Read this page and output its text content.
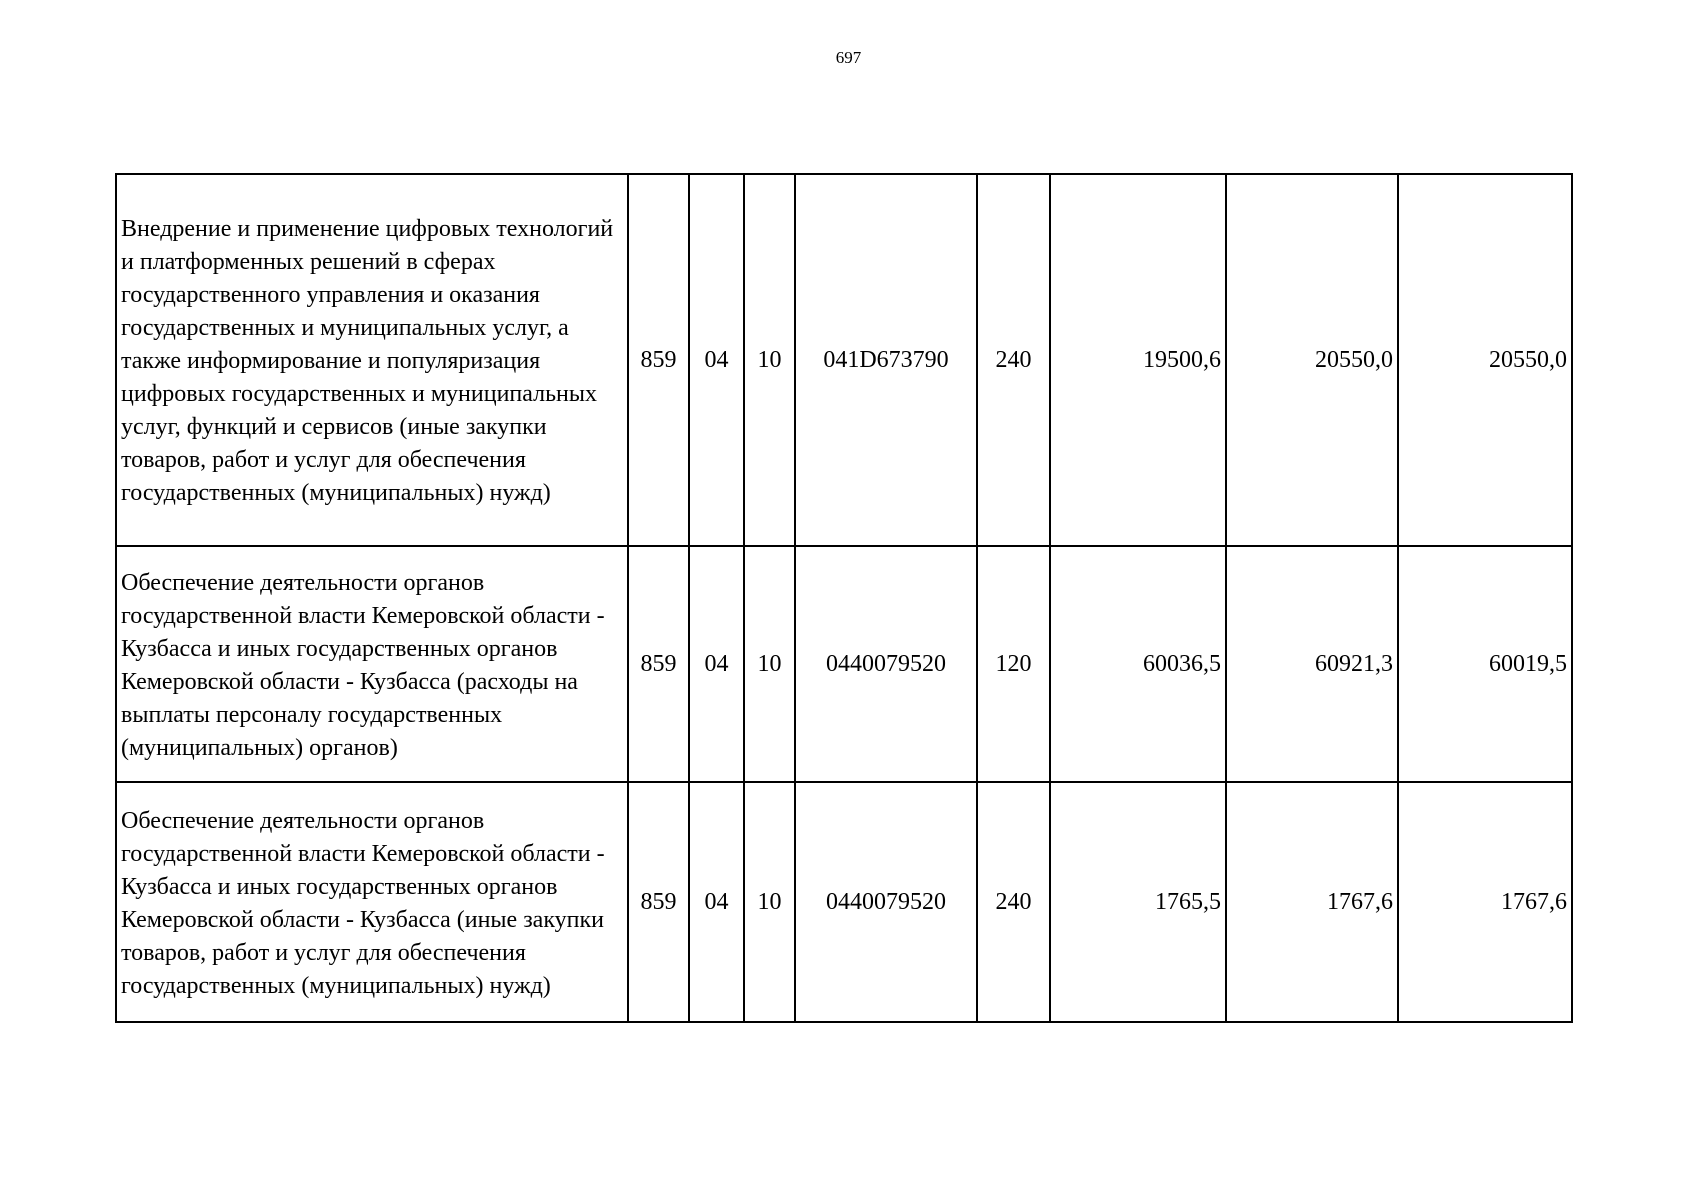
697
Внедрение и применение цифровых технологий и платформенных решений в сферах государственного управления и оказания государственных и муниципальных услуг, а также информирование и популяризация цифровых государственных и муниципальных услуг, функций и сервисов (иные закупки товаров, работ и услуг для обеспечения государственных (муниципальных) нужд)	859	04	10	041D673790	240	19500,6	20550,0	20550,0
Обеспечение деятельности органов государственной власти Кемеровской области - Кузбасса и иных государственных органов Кемеровской области - Кузбасса (расходы на выплаты персоналу государственных (муниципальных) органов)	859	04	10	0440079520	120	60036,5	60921,3	60019,5
Обеспечение деятельности органов государственной власти Кемеровской области - Кузбасса и иных государственных органов Кемеровской области - Кузбасса (иные закупки товаров, работ и услуг для обеспечения государственных (муниципальных) нужд)	859	04	10	0440079520	240	1765,5	1767,6	1767,6
